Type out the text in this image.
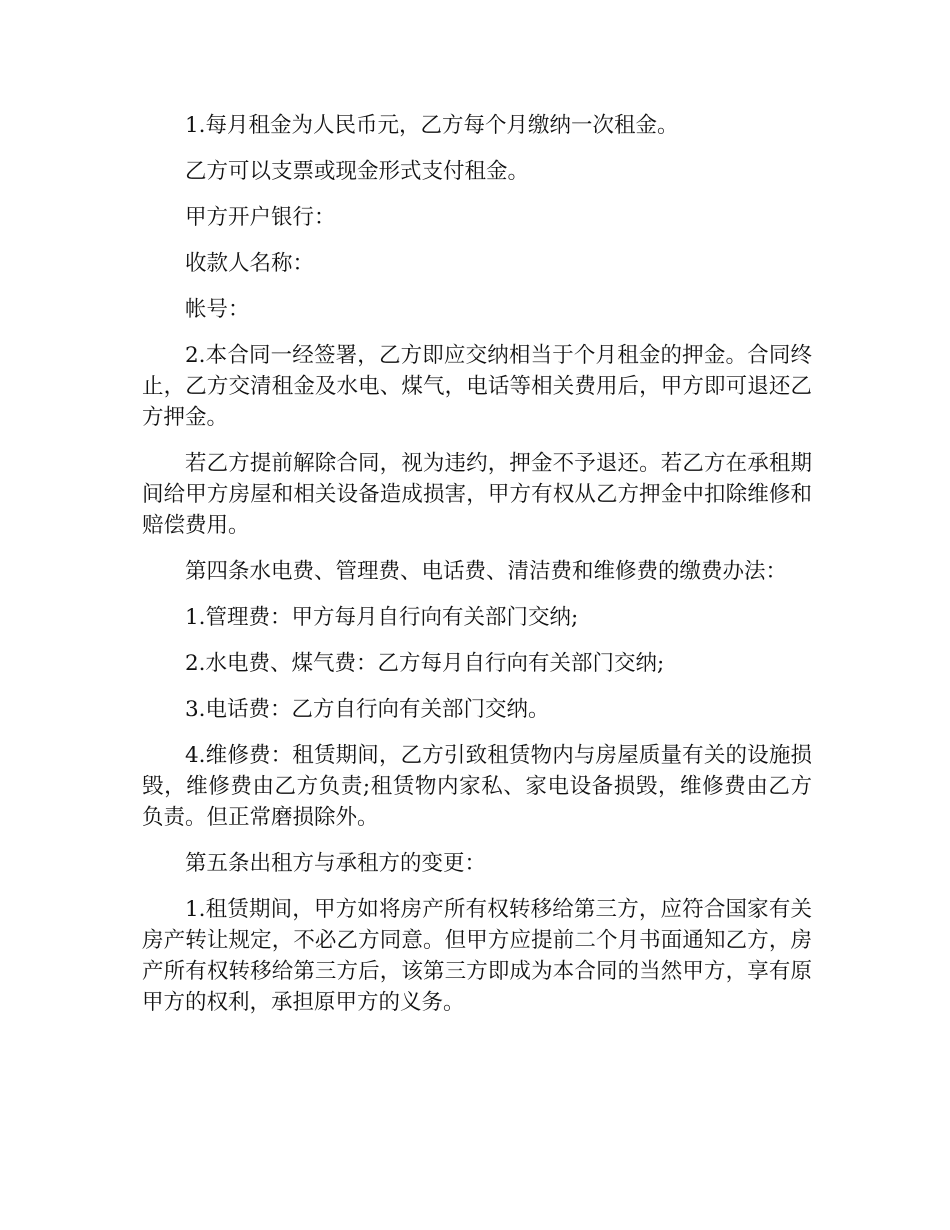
1.每月租金为人民币元，乙方每个月缴纳一次租金。

乙方可以支票或现金形式支付租金。

甲方开户银行：

收款人名称：

帐号：

2.本合同一经签署，乙方即应交纳相当于个月租金的押金。合同终止，乙方交清租金及水电、煤气，电话等相关费用后，甲方即可退还乙方押金。

若乙方提前解除合同，视为违约，押金不予退还。若乙方在承租期间给甲方房屋和相关设备造成损害，甲方有权从乙方押金中扣除维修和赔偿费用。

第四条水电费、管理费、电话费、清洁费和维修费的缴费办法：

1.管理费：甲方每月自行向有关部门交纳;

2.水电费、煤气费：乙方每月自行向有关部门交纳;

3.电话费：乙方自行向有关部门交纳。

4.维修费：租赁期间，乙方引致租赁物内与房屋质量有关的设施损毁，维修费由乙方负责;租赁物内家私、家电设备损毁，维修费由乙方负责。但正常磨损除外。

第五条出租方与承租方的变更：

1.租赁期间，甲方如将房产所有权转移给第三方，应符合国家有关房产转让规定，不必乙方同意。但甲方应提前二个月书面通知乙方，房产所有权转移给第三方后，该第三方即成为本合同的当然甲方，享有原甲方的权利，承担原甲方的义务。
